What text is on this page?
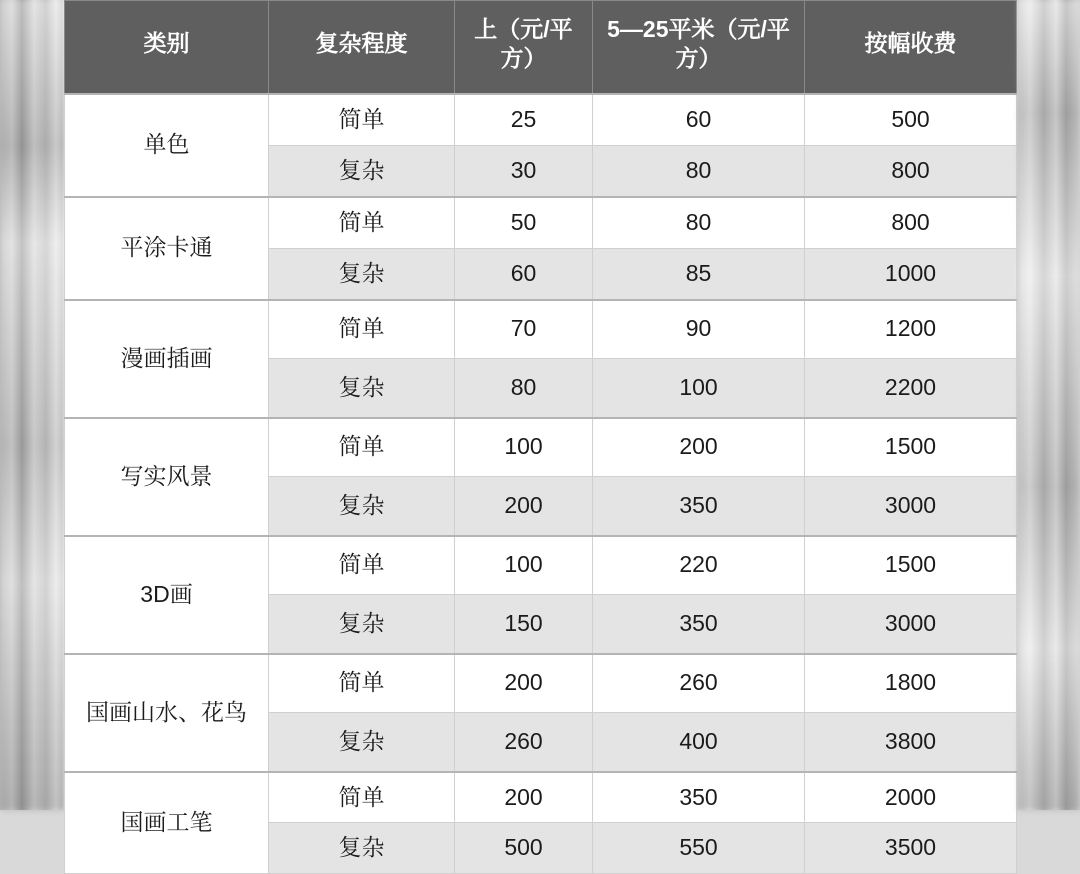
类别	复杂程度	上（元/平方）	5—25平米（元/平方）	按幅收费
单色	简单	25	60	500
	复杂	30	80	800
平涂卡通	简单	50	80	800
	复杂	60	85	1000
漫画插画	简单	70	90	1200
	复杂	80	100	2200
写实风景	简单	100	200	1500
	复杂	200	350	3000
3D画	简单	100	220	1500
	复杂	150	350	3000
国画山水、花鸟	简单	200	260	1800
	复杂	260	400	3800
国画工笔	简单	200	350	2000
	复杂	500	550	3500
